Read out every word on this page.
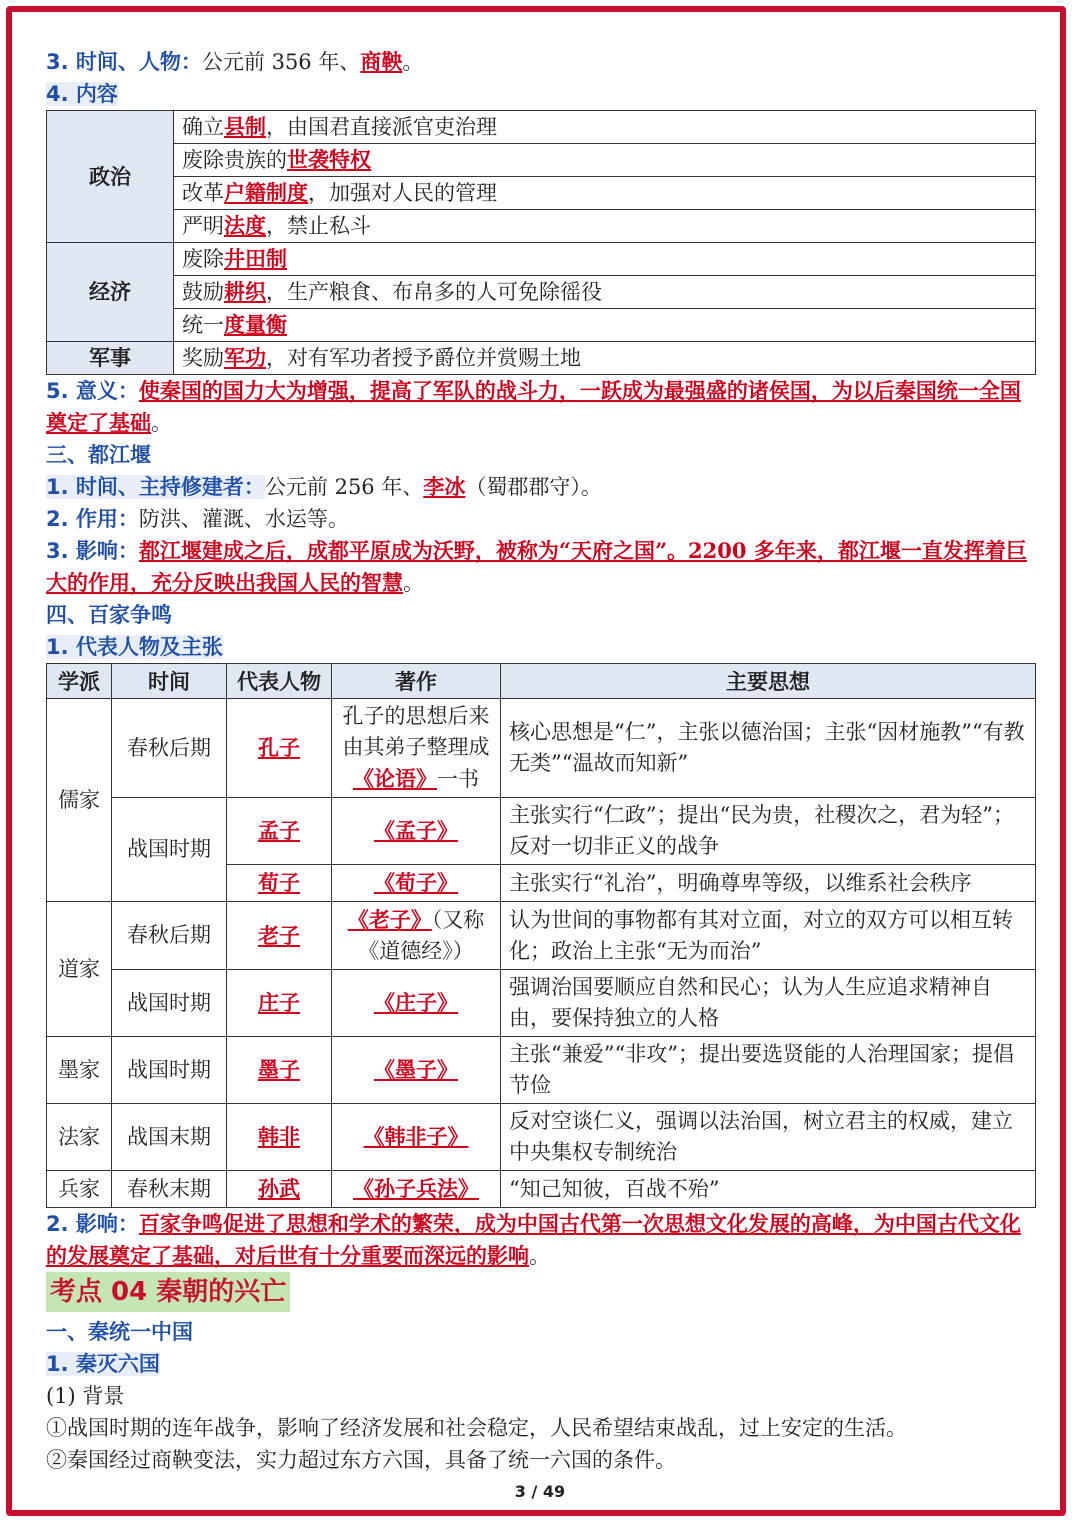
3. 时间、人物：公元前 356 年、商鞅。
4. 内容
政治	确立县制，由国君直接派官吏治理
	废除贵族的世袭特权
	改革户籍制度，加强对人民的管理
	严明法度，禁止私斗
经济	废除井田制
	鼓励耕织，生产粮食、布帛多的人可免除徭役
	统一度量衡
军事	奖励军功，对有军功者授予爵位并赏赐土地
5. 意义：使秦国的国力大为增强，提高了军队的战斗力，一跃成为最强盛的诸侯国，为以后秦国统一全国奠定了基础。
三、都江堰
1. 时间、主持修建者：公元前 256 年、李冰（蜀郡郡守）。
2. 作用：防洪、灌溉、水运等。
3. 影响：都江堰建成之后，成都平原成为沃野，被称为“天府之国”。2200 多年来，都江堰一直发挥着巨大的作用，充分反映出我国人民的智慧。
四、百家争鸣
1. 代表人物及主张
学派	时间	代表人物	著作	主要思想
儒家	春秋后期	孔子	孔子的思想后来由其弟子整理成《论语》一书	核心思想是“仁”，主张以德治国；主张“因材施教”“有教无类”“温故而知新”
	战国时期	孟子	《孟子》	主张实行“仁政”；提出“民为贵，社稷次之，君为轻”；反对一切非正义的战争
		荀子	《荀子》	主张实行“礼治”，明确尊卑等级，以维系社会秩序
道家	春秋后期	老子	《老子》（又称《道德经》）	认为世间的事物都有其对立面，对立的双方可以相互转化；政治上主张“无为而治”
	战国时期	庄子	《庄子》	强调治国要顺应自然和民心；认为人生应追求精神自由，要保持独立的人格
墨家	战国时期	墨子	《墨子》	主张“兼爱”“非攻”；提出要选贤能的人治理国家；提倡节俭
法家	战国末期	韩非	《韩非子》	反对空谈仁义，强调以法治国，树立君主的权威，建立中央集权专制统治
兵家	春秋末期	孙武	《孙子兵法》	“知己知彼，百战不殆”
2. 影响：百家争鸣促进了思想和学术的繁荣，成为中国古代第一次思想文化发展的高峰，为中国古代文化的发展奠定了基础，对后世有十分重要而深远的影响。
考点 04 秦朝的兴亡
一、秦统一中国
1. 秦灭六国
(1) 背景
①战国时期的连年战争，影响了经济发展和社会稳定，人民希望结束战乱，过上安定的生活。
②秦国经过商鞅变法，实力超过东方六国，具备了统一六国的条件。
3 / 49
